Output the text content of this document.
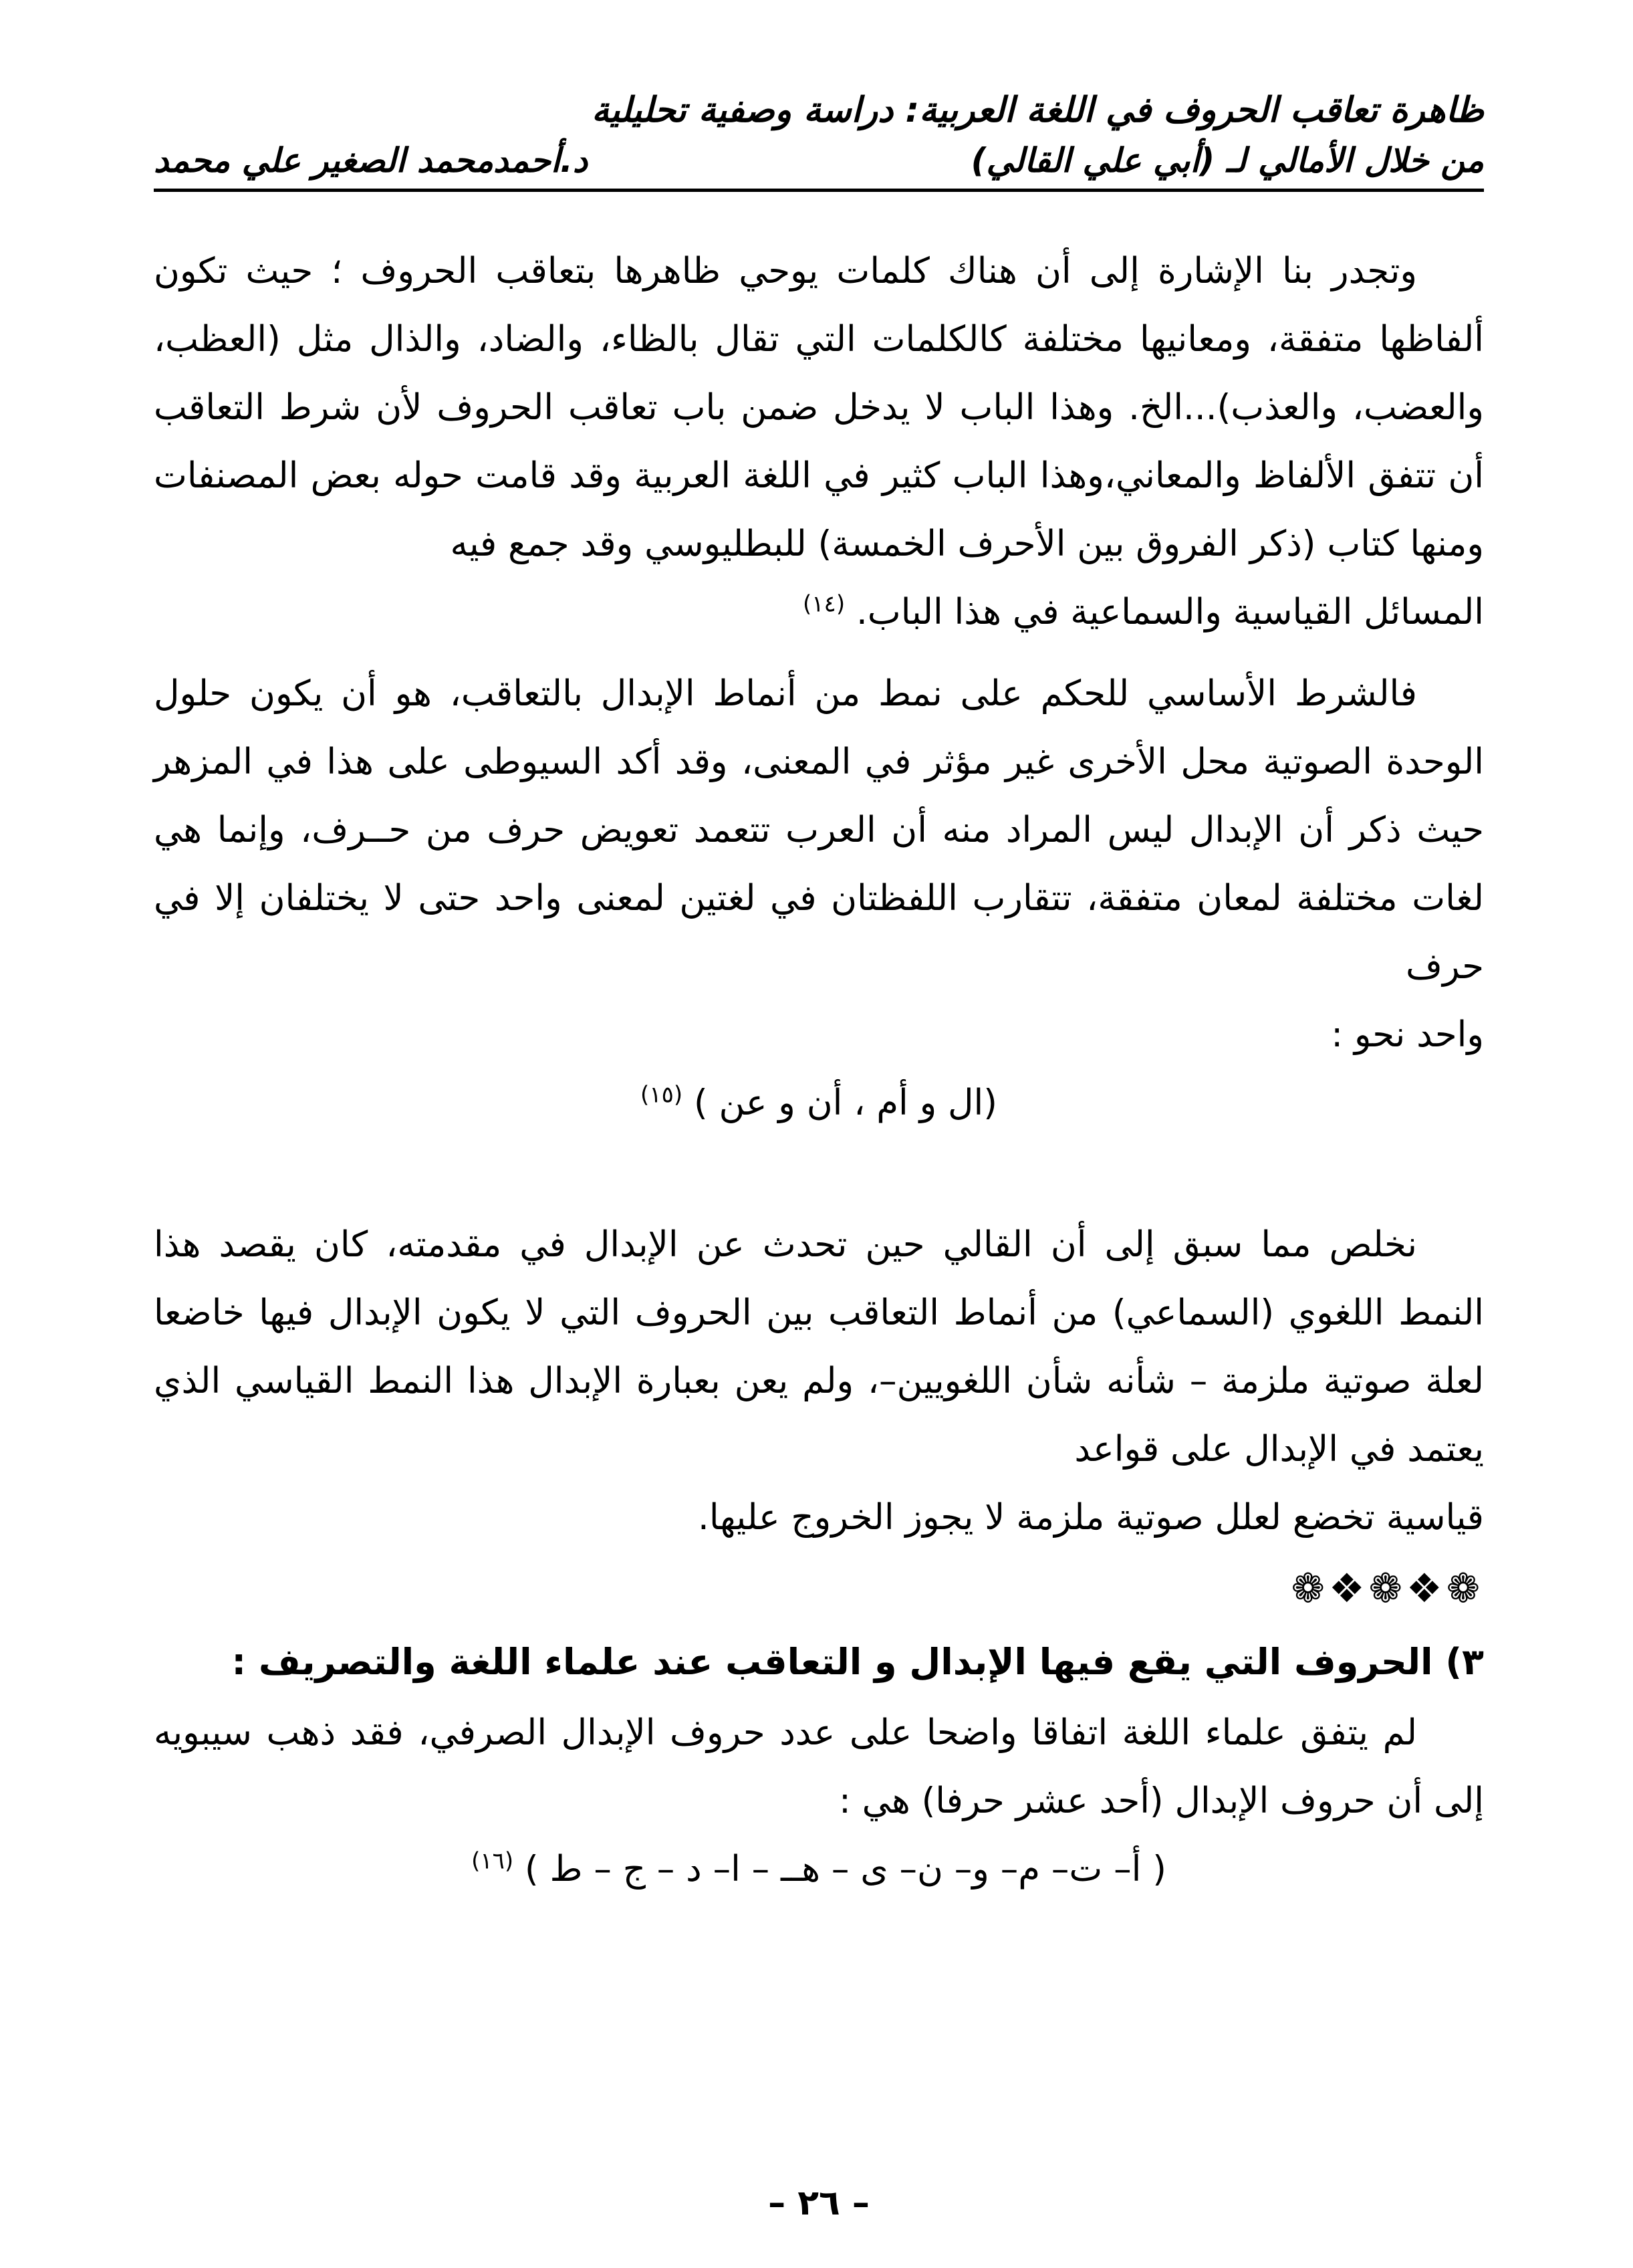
ظاهرة تعاقب الحروف في اللغة العربية: دراسة وصفية تحليلية
من خلال الأمالي لـ (أبي علي القالي)
د.أحمدمحمد الصغير علي محمد

وتجدر بنا الإشارة إلى أن هناك كلمات يوحي ظاهرها بتعاقب الحروف ؛ حيث تكون ألفاظها متفقة، ومعانيها مختلفة كالكلمات التي تقال بالظاء، والضاد، والذال مثل (العظب، والعضب، والعذب)...الخ. وهذا الباب لا يدخل ضمن باب تعاقب الحروف لأن شرط التعاقب أن تتفق الألفاظ والمعاني،وهذا الباب كثير في اللغة العربية وقد قامت حوله بعض المصنفات ومنها كتاب (ذكر الفروق بين الأحرف الخمسة) للبطليوسي وقد جمع فيه
المسائل القياسية والسماعية في هذا الباب. $^{(١٤)}$

فالشرط الأساسي للحكم على نمط من أنماط الإبدال بالتعاقب، هو أن يكون حلول الوحدة الصوتية محل الأخرى غير مؤثر في المعنى، وقد أكد السيوطى على هذا في المزهر حيث ذكر أن الإبدال ليس المراد منه أن العرب تتعمد تعويض حرف من حــرف، وإنما هي لغات مختلفة لمعان متفقة، تتقارب اللفظتان في لغتين لمعنى واحد حتى لا يختلفان إلا في حرف
واحد نحو :

(ال و أم ، أن و عن ) $^{(١٥)}$

نخلص مما سبق إلى أن القالي حين تحدث عن الإبدال في مقدمته، كان يقصد هذا النمط اللغوي (السماعي) من أنماط التعاقب بين الحروف التي لا يكون الإبدال فيها خاضعا لعلة صوتية ملزمة – شأنه شأن اللغويين–، ولم يعن بعبارة الإبدال هذا النمط القياسي الذي يعتمد في الإبدال على قواعد
قياسية تخضع لعلل صوتية ملزمة لا يجوز الخروج عليها.

❁❖❁❖❁

٣) الحروف التي يقع فيها الإبدال و التعاقب عند علماء اللغة والتصريف :

لم يتفق علماء اللغة اتفاقا واضحا على عدد حروف الإبدال الصرفي، فقد ذهب سيبويه إلى أن حروف الإبدال (أحد عشر حرفا) هي :

( أ– ت– م– و– ن– ى – هــ – ا– د – ج – ط ) $^{(١٦)}$

– ٢٦ –
